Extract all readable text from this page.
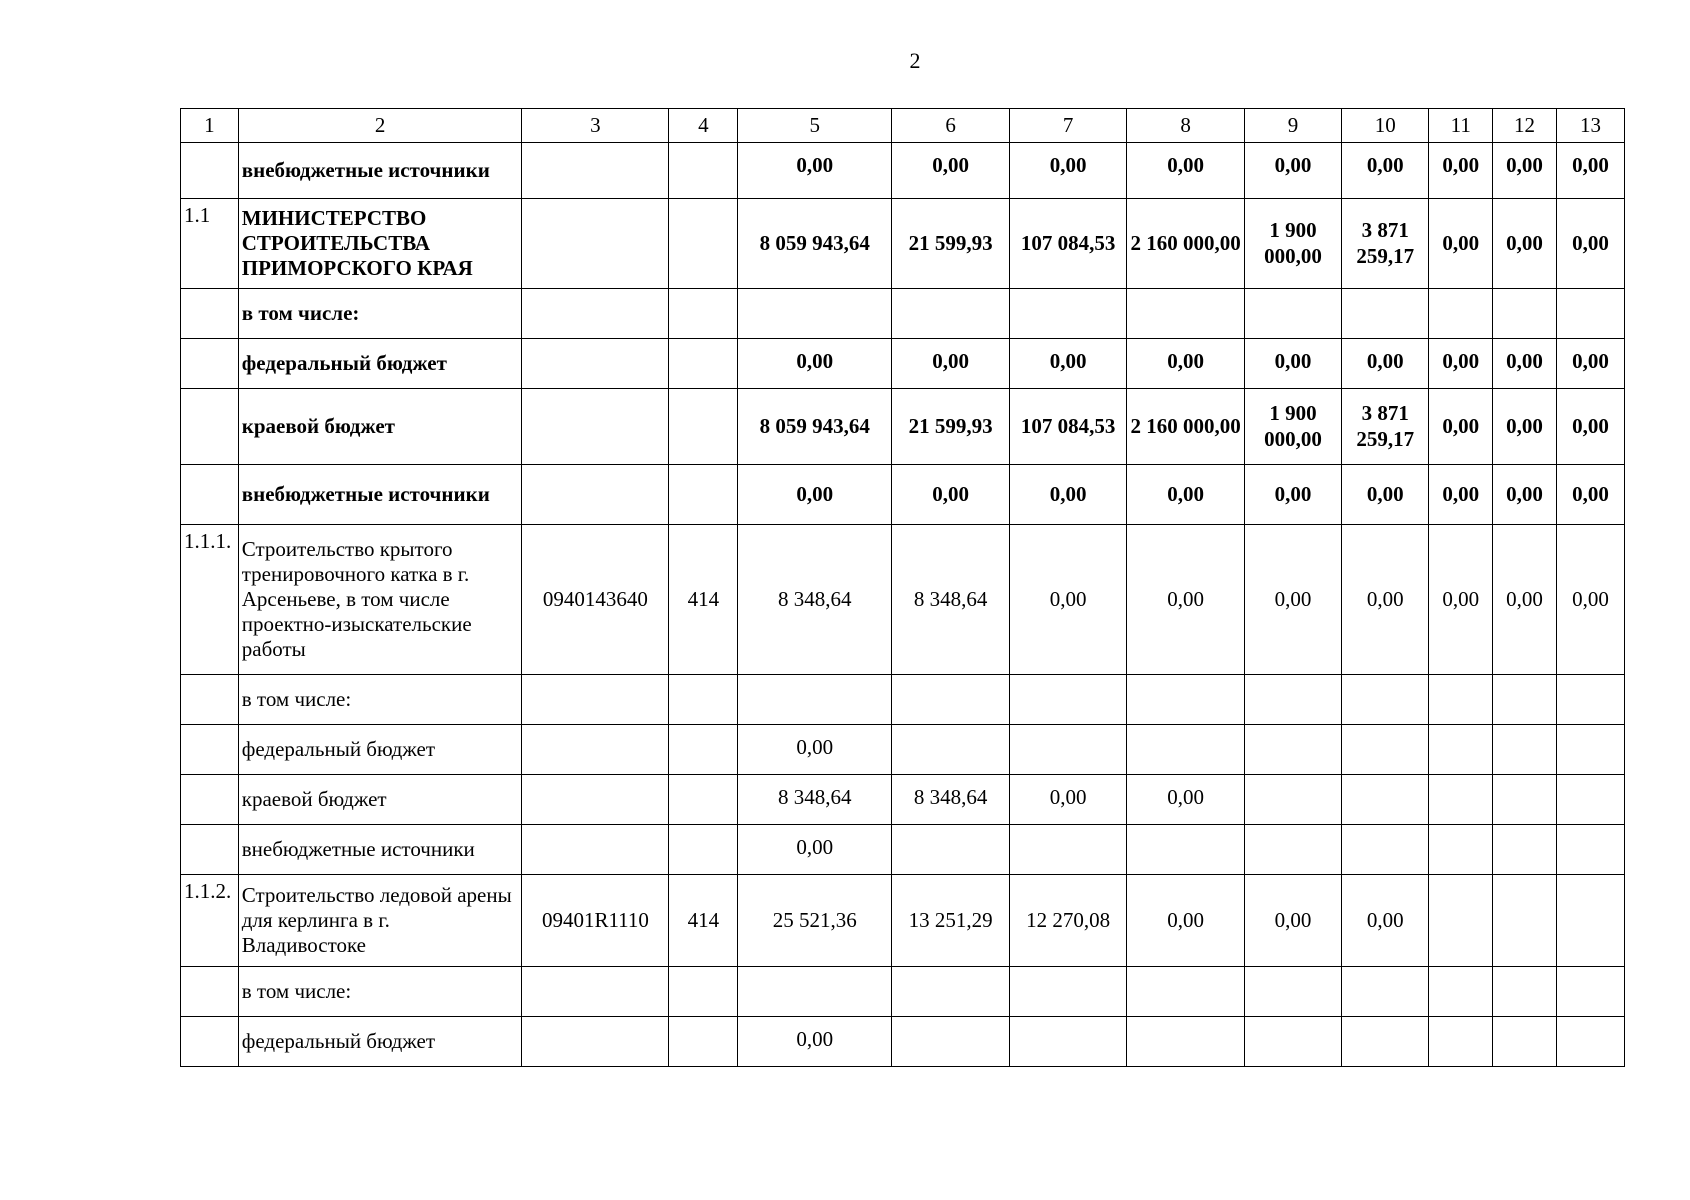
2
1	2	3	4	5	6	7	8	9	10	11	12	13
	внебюджетные источники			0,00	0,00	0,00	0,00	0,00	0,00	0,00	0,00	0,00
1.1	МИНИСТЕРСТВО СТРОИТЕЛЬСТВА ПРИМОРСКОГО КРАЯ			8 059 943,64	21 599,93	107 084,53	2 160 000,00	1 900 000,00	3 871 259,17	0,00	0,00	0,00
	в том числе:											
	федеральный бюджет			0,00	0,00	0,00	0,00	0,00	0,00	0,00	0,00	0,00
	краевой бюджет			8 059 943,64	21 599,93	107 084,53	2 160 000,00	1 900 000,00	3 871 259,17	0,00	0,00	0,00
	внебюджетные источники			0,00	0,00	0,00	0,00	0,00	0,00	0,00	0,00	0,00
1.1.1.	Строительство крытого тренировочного катка в г. Арсеньеве, в том числе проектно-изыскательские работы	0940143640	414	8 348,64	8 348,64	0,00	0,00	0,00	0,00	0,00	0,00	0,00
	в том числе:											
	федеральный бюджет			0,00								
	краевой бюджет			8 348,64	8 348,64	0,00	0,00					
	внебюджетные источники			0,00								
1.1.2.	Строительство ледовой арены для керлинга в г. Владивостоке	09401R1110	414	25 521,36	13 251,29	12 270,08	0,00	0,00	0,00			
	в том числе:											
	федеральный бюджет			0,00								
